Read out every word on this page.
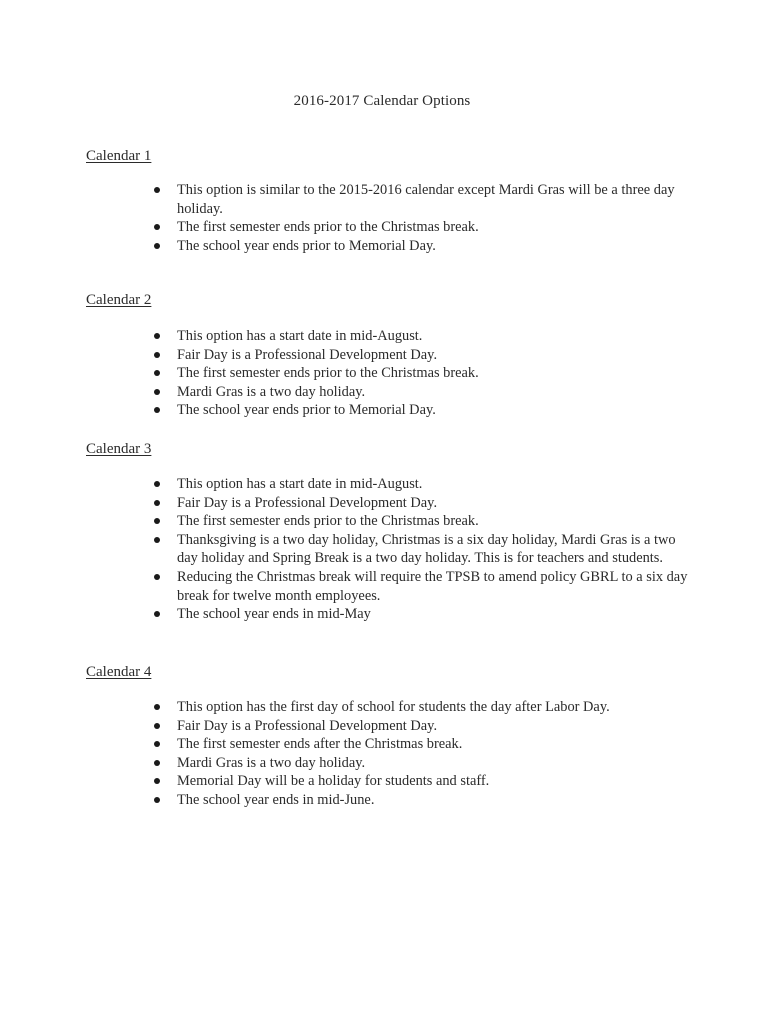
2016-2017 Calendar Options
Calendar 1
This option is similar to the 2015-2016 calendar except Mardi Gras will be a three day holiday.
The first semester ends prior to the Christmas break.
The school year ends prior to Memorial Day.
Calendar 2
This option has a start date in mid-August.
Fair Day is a Professional Development Day.
The first semester ends prior to the Christmas break.
Mardi Gras is a two day holiday.
The school year ends prior to Memorial Day.
Calendar 3
This option has a start date in mid-August.
Fair Day is a Professional Development Day.
The first semester ends prior to the Christmas break.
Thanksgiving is a two day holiday, Christmas is a six day holiday, Mardi Gras is a two day holiday and Spring Break is a two day holiday. This is for teachers and students.
Reducing the Christmas break will require the TPSB to amend policy GBRL to a six day break for twelve month employees.
The school year ends in mid-May
Calendar 4
This option has the first day of school for students the day after Labor Day.
Fair Day is a Professional Development Day.
The first semester ends after the Christmas break.
Mardi Gras is a two day holiday.
Memorial Day will be a holiday for students and staff.
The school year ends in mid-June.
